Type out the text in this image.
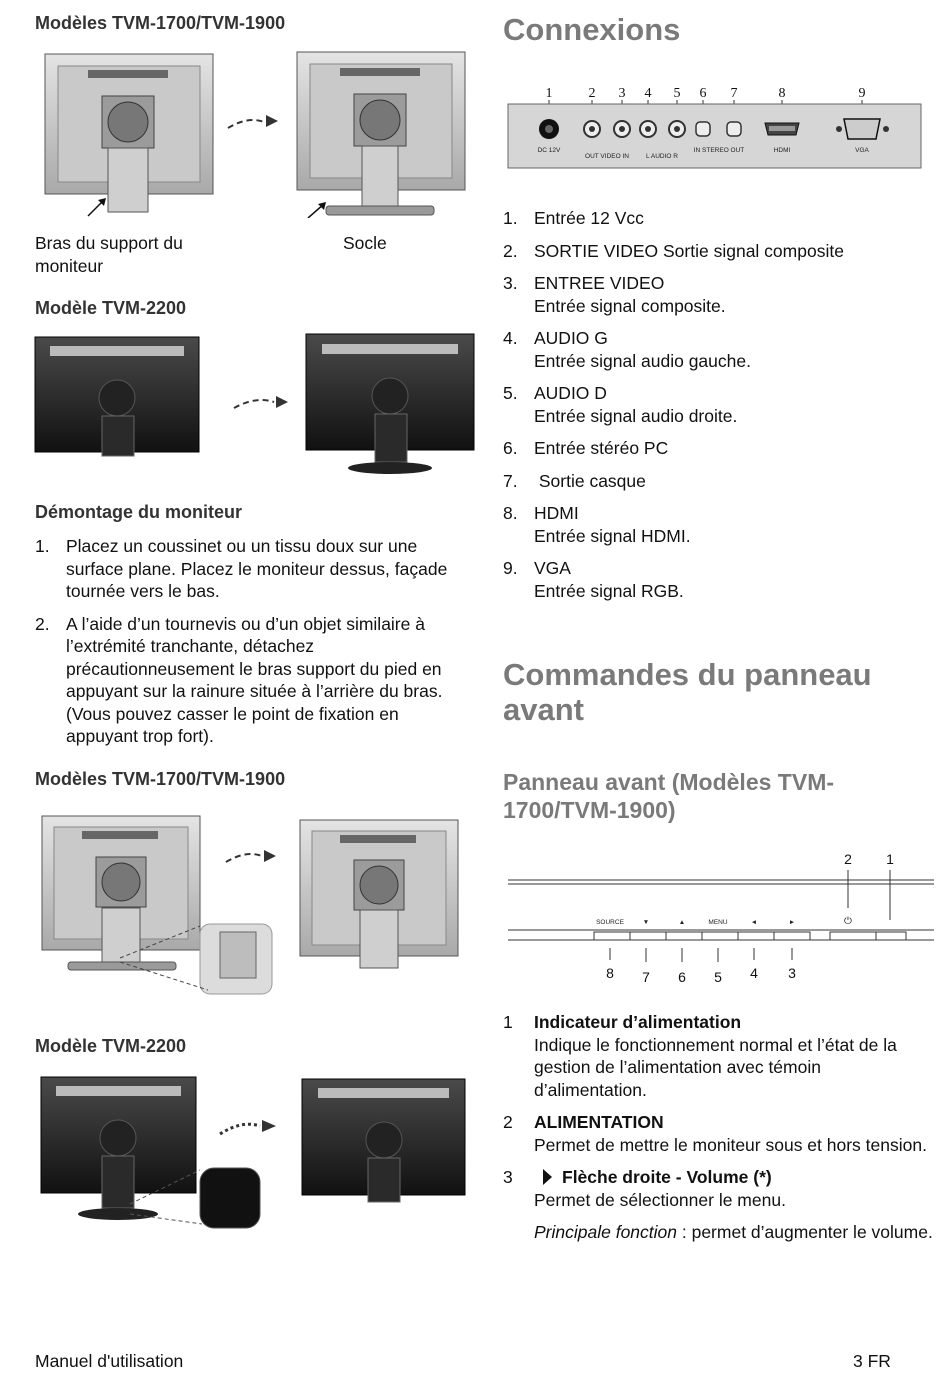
Modèles TVM-1700/TVM-1900
Bras du support du moniteur
Socle
Modèle TVM-2200
Démontage du moniteur
1. Placez un coussinet ou un tissu doux sur une surface plane. Placez le moniteur dessus, façade tournée vers le bas.
2. A l’aide d’un tournevis ou d’un objet similaire à l’extrémité tranchante, détachez précautionneusement le bras support du pied en appuyant sur la rainure située à l’arrière du bras. (Vous pouvez casser le point de fixation en appuyant trop fort).
Modèles TVM-1700/TVM-1900
Modèle TVM-2200
Connexions
1	2 3 4 5 6 7	8	9
DC 12V
OUT VIDEO IN	L AUDIO R
IN STEREO OUT	HDMI	VGA
1. Entrée 12 Vcc
2. SORTIE VIDEO Sortie signal composite
3. ENTREE VIDEO
Entrée signal composite.
4. AUDIO G
Entrée signal audio gauche.
5. AUDIO D
Entrée signal audio droite.
6. Entrée stéréo PC
7. Sortie casque
8. HDMI
Entrée signal HDMI.
9. VGA
Entrée signal RGB.
Commandes du panneau avant
Panneau avant (Modèles TVM-1700/TVM-1900)
2 1
SOURCE	▼	▲	MENU	◄	►	⏻
8 7 6 5 4 3
1 Indicateur d’alimentation
Indique le fonctionnement normal et l’état de la gestion de l’alimentation avec témoin d’alimentation.
2 ALIMENTATION
Permet de mettre le moniteur sous et hors tension.
3	Flèche droite - Volume (*)
Permet de sélectionner le menu.
Principale fonction : permet d’augmenter le volume.
Manuel d'utilisation	3 FR
